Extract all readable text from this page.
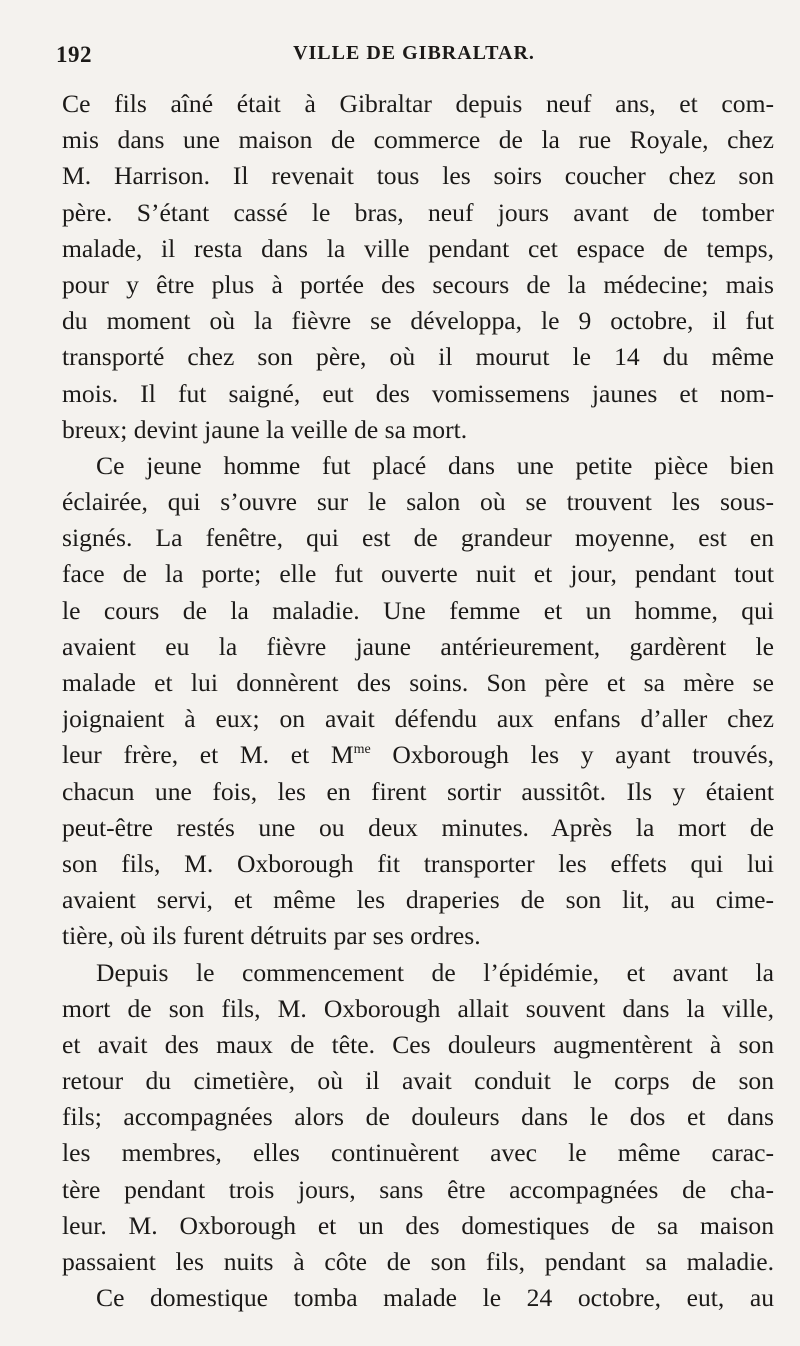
192	VILLE DE GIBRALTAR.
Ce fils aîné était à Gibraltar depuis neuf ans, et com-
mis dans une maison de commerce de la rue Royale, chez
M. Harrison. Il revenait tous les soirs coucher chez son
père. S’étant cassé le bras, neuf jours avant de tomber
malade, il resta dans la ville pendant cet espace de temps,
pour y être plus à portée des secours de la médecine; mais
du moment où la fièvre se développa, le 9 octobre, il fut
transporté chez son père, où il mourut le 14 du même
mois. Il fut saigné, eut des vomissemens jaunes et nom-
breux; devint jaune la veille de sa mort.
Ce jeune homme fut placé dans une petite pièce bien
éclairée, qui s’ouvre sur le salon où se trouvent les sous-
signés. La fenêtre, qui est de grandeur moyenne, est en
face de la porte; elle fut ouverte nuit et jour, pendant tout
le cours de la maladie. Une femme et un homme, qui
avaient eu la fièvre jaune antérieurement, gardèrent le
malade et lui donnèrent des soins. Son père et sa mère se
joignaient à eux; on avait défendu aux enfans d’aller chez
leur frère, et M. et $M^{me}$ Oxborough les y ayant trouvés,
chacun une fois, les en firent sortir aussitôt. Ils y étaient
peut-être restés une ou deux minutes. Après la mort de
son fils, M. Oxborough fit transporter les effets qui lui
avaient servi, et même les draperies de son lit, au cime-
tière, où ils furent détruits par ses ordres.
Depuis le commencement de l’épidémie, et avant la
mort de son fils, M. Oxborough allait souvent dans la ville,
et avait des maux de tête. Ces douleurs augmentèrent à son
retour du cimetière, où il avait conduit le corps de son
fils; accompagnées alors de douleurs dans le dos et dans
les membres, elles continuèrent avec le même carac-
tère pendant trois jours, sans être accompagnées de cha-
leur. M. Oxborough et un des domestiques de sa maison
passaient les nuits à côte de son fils, pendant sa maladie.
Ce domestique tomba malade le 24 octobre, eut, au
